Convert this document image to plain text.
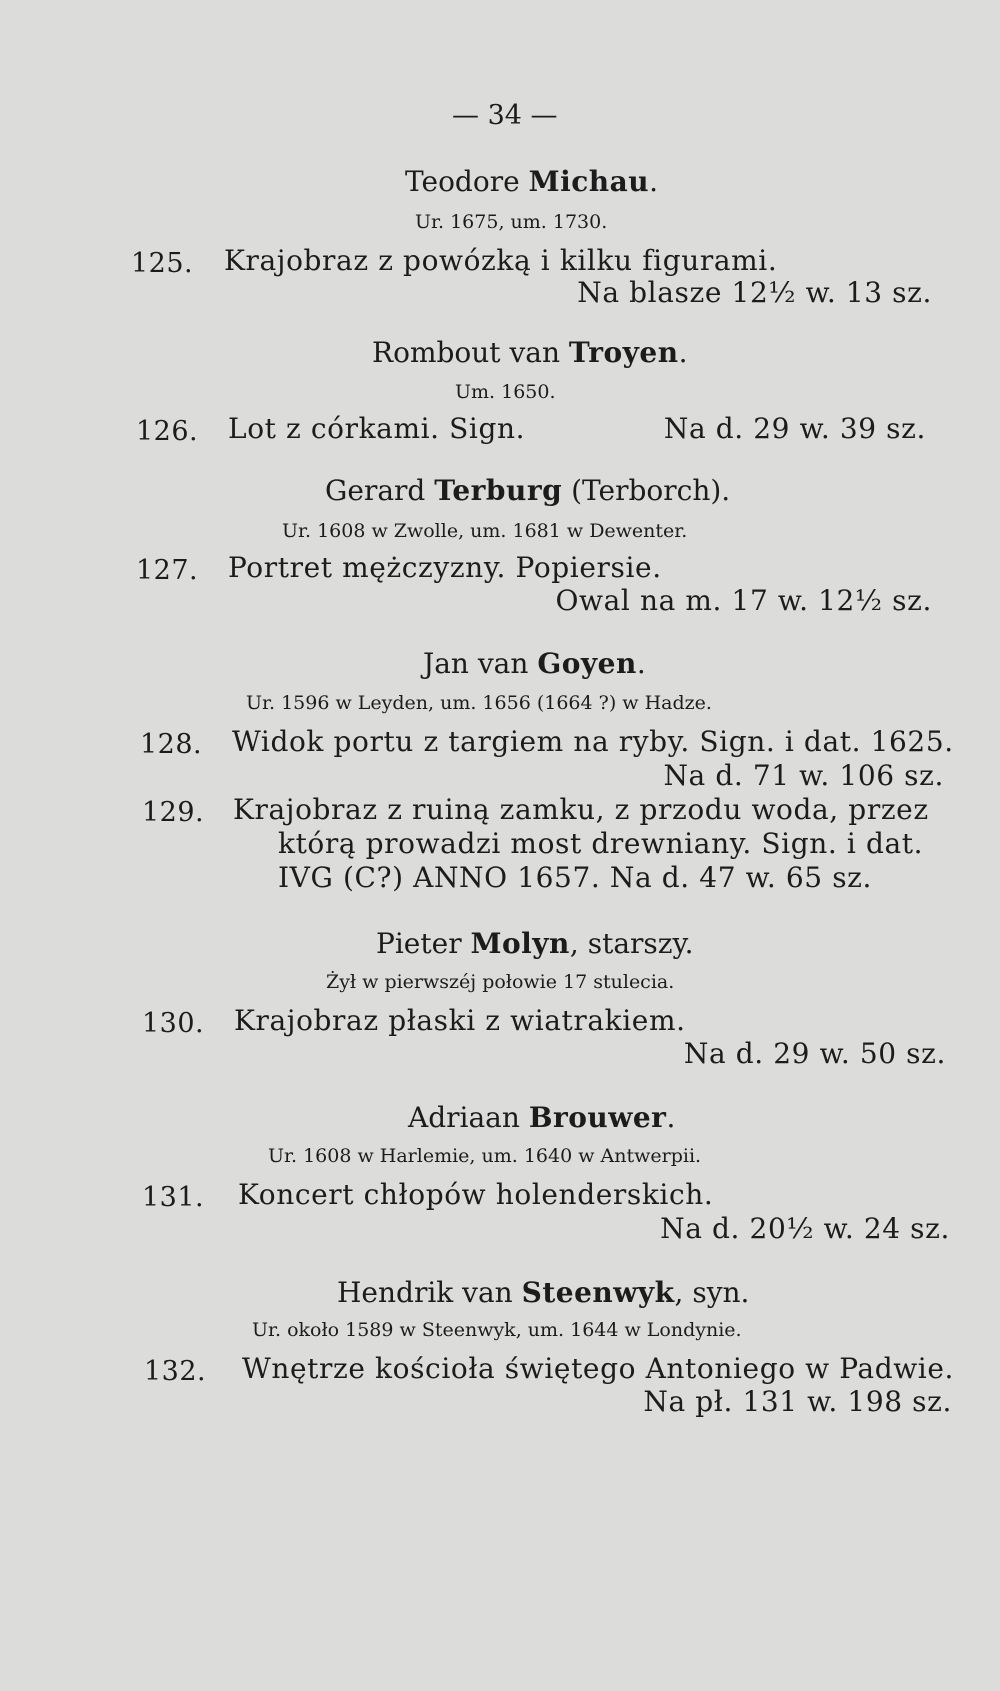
— 34 —
Teodore Michau.
Ur. 1675, um. 1730.
125. Krajobraz z powózką i kilku figurami.
Na blasze 12½ w. 13 sz.
Rombout van Troyen.
Um. 1650.
126. Lot z córkami. Sign.	Na d. 29 w. 39 sz.
Gerard Terburg (Terborch).
Ur. 1608 w Zwolle, um. 1681 w Dewenter.
127. Portret mężczyzny. Popiersie.
Owal na m. 17 w. 12½ sz.
Jan van Goyen.
Ur. 1596 w Leyden, um. 1656 (1664 ?) w Hadze.
128. Widok portu z targiem na ryby. Sign. i dat. 1625.
Na d. 71 w. 106 sz.
129. Krajobraz z ruiną zamku, z przodu woda, przez
którą prowadzi most drewniany. Sign. i dat.
IVG (C?) ANNO 1657. Na d. 47 w. 65 sz.
Pieter Molyn, starszy.
Żył w pierwszéj połowie 17 stulecia.
130. Krajobraz płaski z wiatrakiem.
Na d. 29 w. 50 sz.
Adriaan Brouwer.
Ur. 1608 w Harlemie, um. 1640 w Antwerpii.
131. Koncert chłopów holenderskich.
Na d. 20½ w. 24 sz.
Hendrik van Steenwyk, syn.
Ur. około 1589 w Steenwyk, um. 1644 w Londynie.
132. Wnętrze kościoła świętego Antoniego w Padwie.
Na pł. 131 w. 198 sz.
